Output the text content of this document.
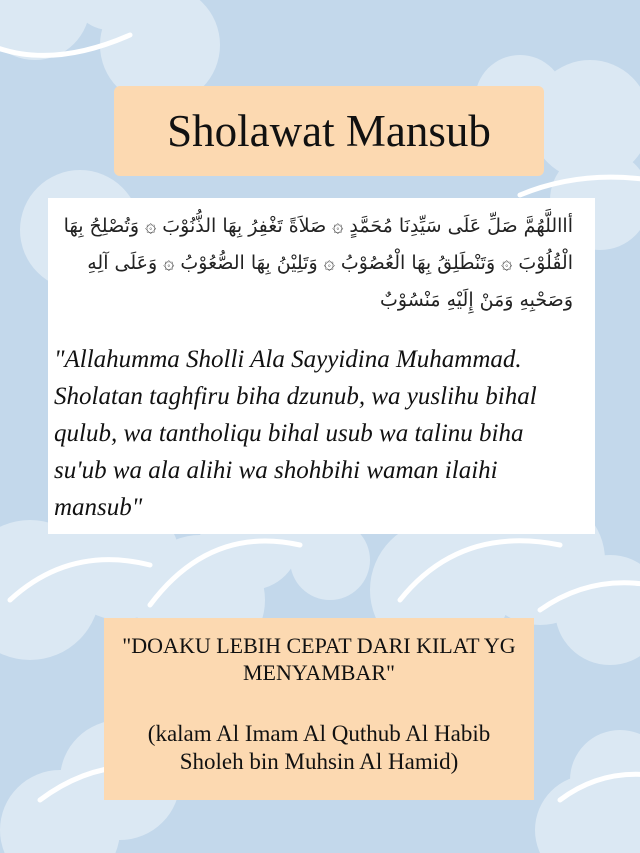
Sholawat Mansub

أااللَّهُمَّ صَلِّ عَلَى سَيِّدِنَا مُحَمَّدٍ ۞ صَلاَةً تَغْفِرُ بِهَا الذُّنُوْبَ ۞ وَتُصْلِحُ بِهَا الْقُلُوْبَ ۞ وَتَنْطَلِقُ بِهَا الْعُصُوْبُ ۞ وَتَلِيْنُ بِهَا الصُّعُوْبُ ۞ وَعَلَى آلِهِ وَصَحْبِهِ وَمَنْ إِلَيْهِ مَنْسُوْبٌ

"Allahumma Sholli Ala Sayyidina Muhammad. Sholatan taghfiru biha dzunub, wa yuslihu bihal qulub, wa tantholiqu bihal usub wa talinu biha su'ub wa ala alihi wa shohbihi waman ilaihi mansub"

"DOAKU LEBIH CEPAT DARI KILAT YG MENYAMBAR"

(kalam Al Imam Al Quthub Al Habib Sholeh bin Muhsin Al Hamid)
